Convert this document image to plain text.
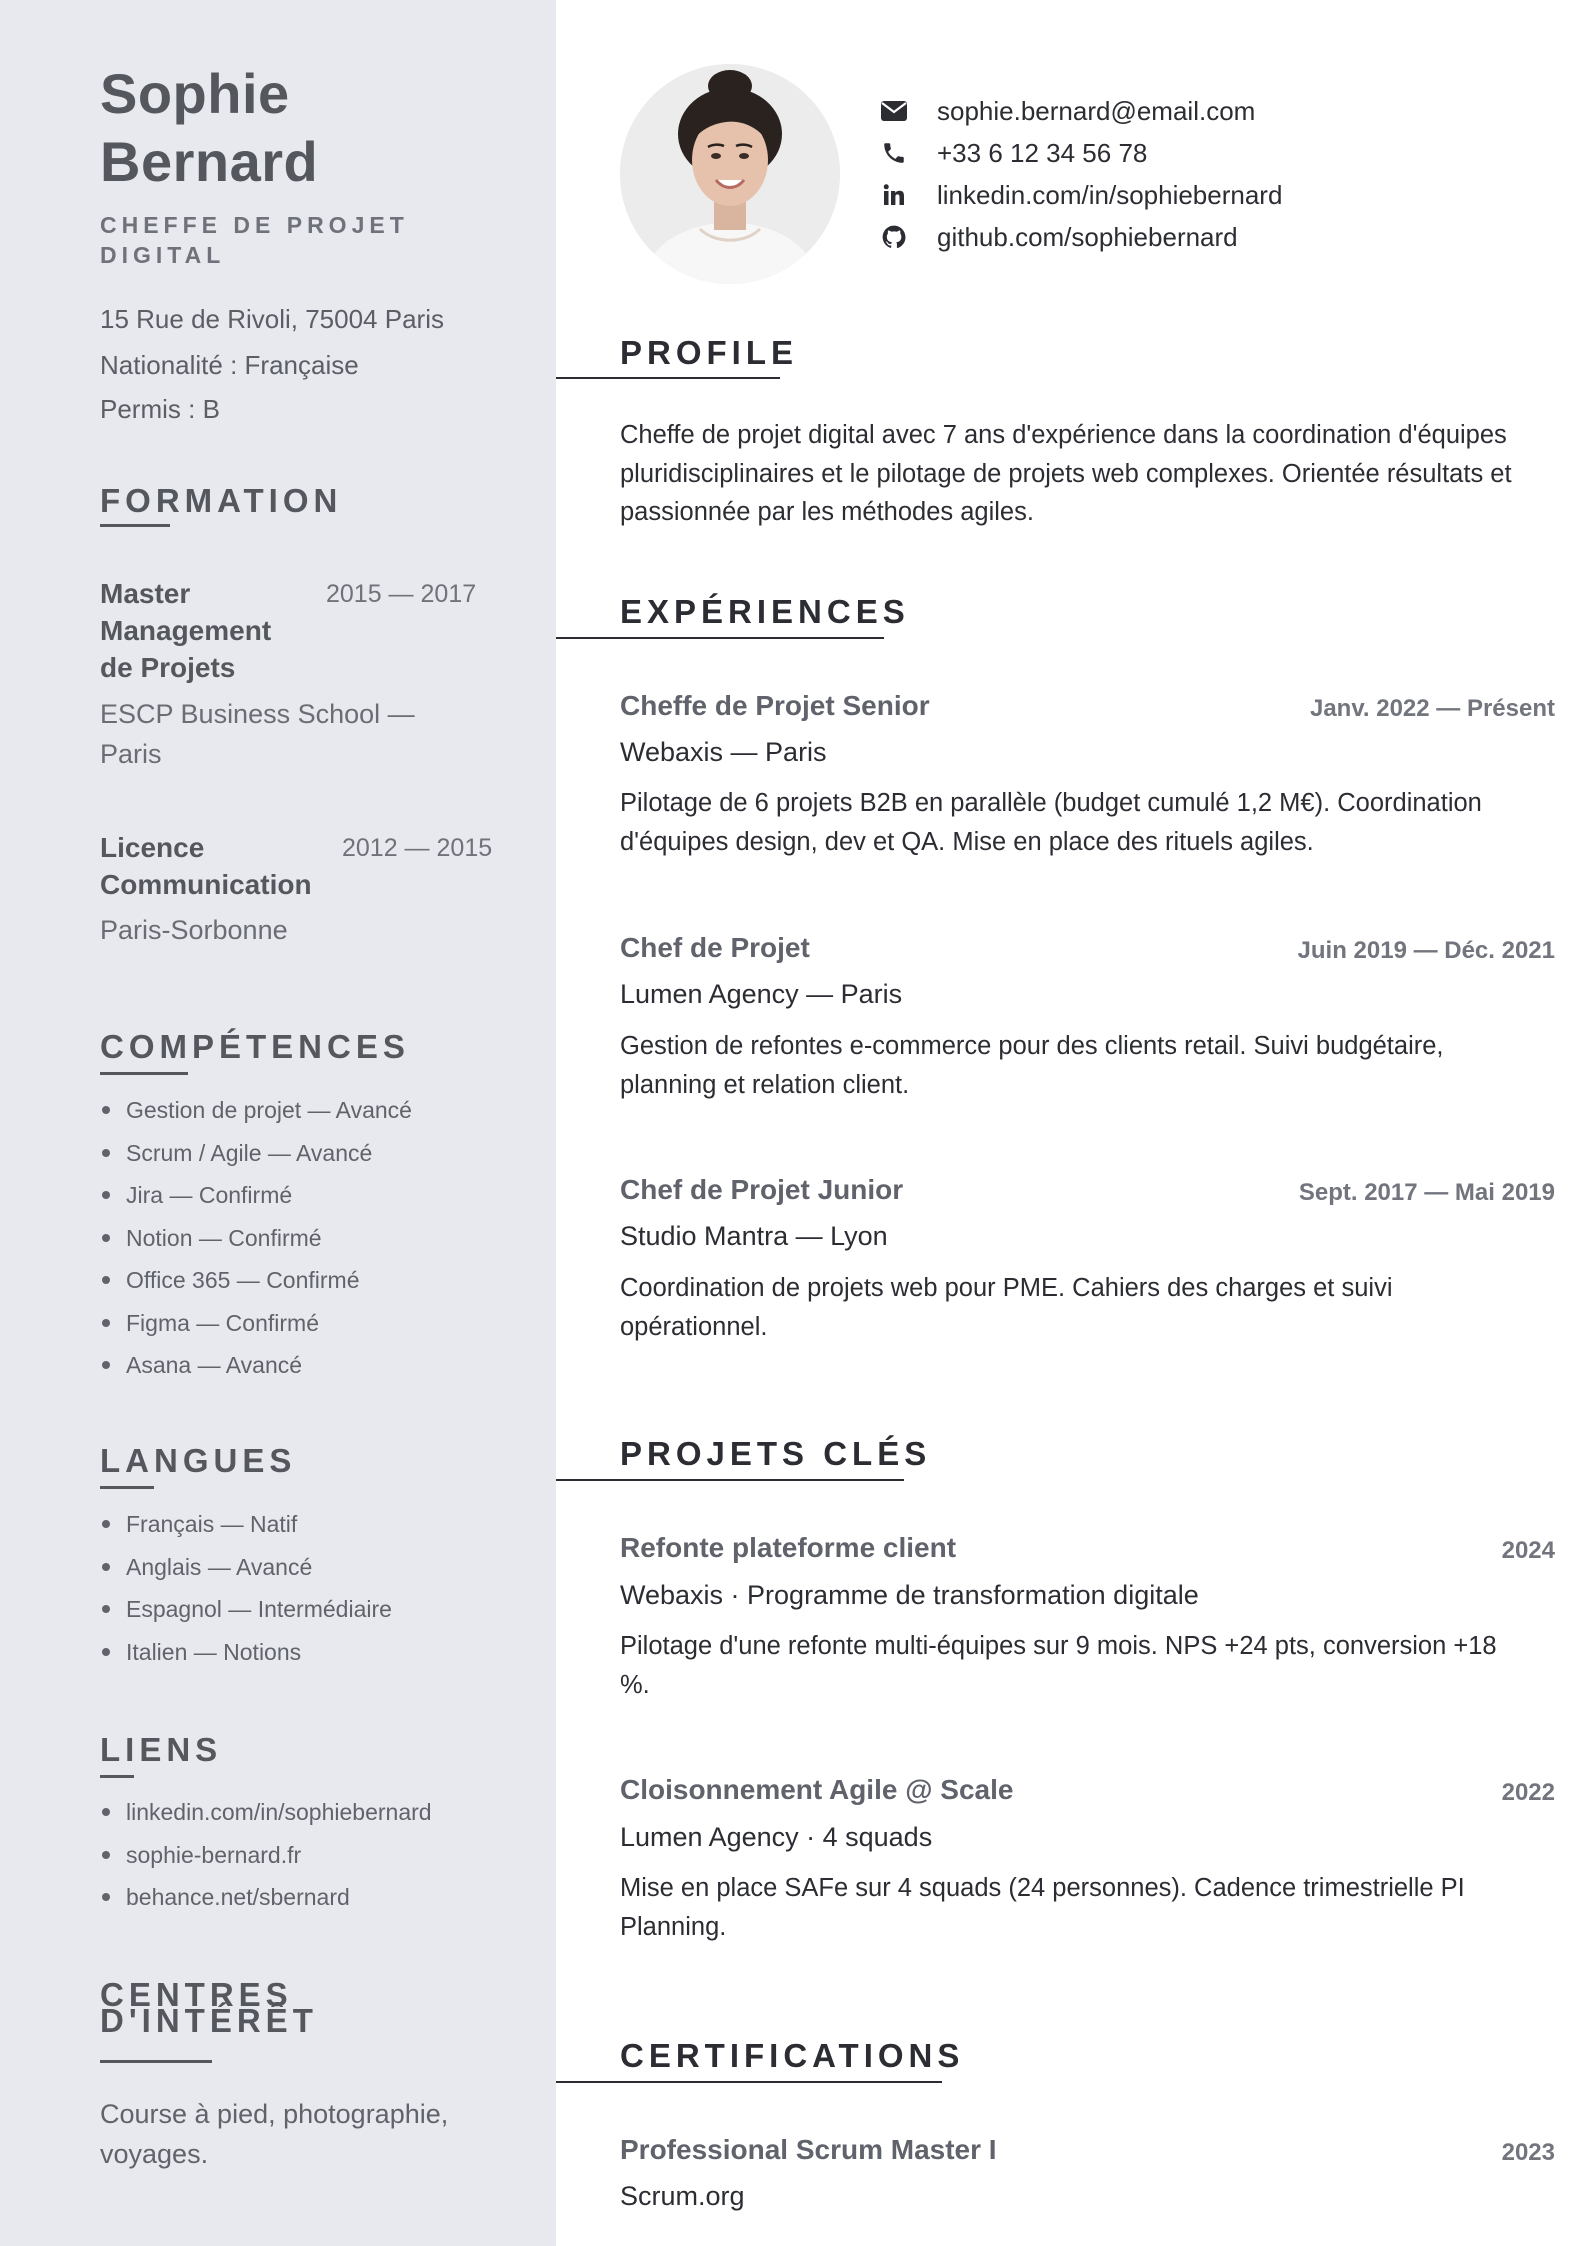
Sophie
Bernard
CHEFFE DE PROJET DIGITAL
15 Rue de Rivoli, 75004 Paris
Nationalité : Française
Permis : B
FORMATION
Master
Management
de Projets
2015 — 2017
ESCP Business School —
Paris
Licence
Communication
2012 — 2015
Paris-Sorbonne
COMPÉTENCES
Gestion de projet — Avancé
Scrum / Agile — Avancé
Jira — Confirmé
Notion — Confirmé
Office 365 — Confirmé
Figma — Confirmé
Asana — Avancé
LANGUES
Français — Natif
Anglais — Avancé
Espagnol — Intermédiaire
Italien — Notions
LIENS
linkedin.com/in/sophiebernard
sophie-bernard.fr
behance.net/sbernard
CENTRES
D'INTÉRÊT
Course à pied, photographie, voyages.
sophie.bernard@email.com
+33 6 12 34 56 78
linkedin.com/in/sophiebernard
github.com/sophiebernard
PROFILE
Cheffe de projet digital avec 7 ans d'expérience dans la coordination d'équipes pluridisciplinaires et le pilotage de projets web complexes. Orientée résultats et passionnée par les méthodes agiles.
EXPÉRIENCES
Cheffe de Projet Senior	Janv. 2022 — Présent
Webaxis — Paris
Pilotage de 6 projets B2B en parallèle (budget cumulé 1,2 M€). Coordination d'équipes design, dev et QA. Mise en place des rituels agiles.
Chef de Projet	Juin 2019 — Déc. 2021
Lumen Agency — Paris
Gestion de refontes e-commerce pour des clients retail. Suivi budgétaire, planning et relation client.
Chef de Projet Junior	Sept. 2017 — Mai 2019
Studio Mantra — Lyon
Coordination de projets web pour PME. Cahiers des charges et suivi opérationnel.
PROJETS CLÉS
Refonte plateforme client	2024
Webaxis · Programme de transformation digitale
Pilotage d'une refonte multi-équipes sur 9 mois. NPS +24 pts, conversion +18 %.
Cloisonnement Agile @ Scale	2022
Lumen Agency · 4 squads
Mise en place SAFe sur 4 squads (24 personnes). Cadence trimestrielle PI Planning.
CERTIFICATIONS
Professional Scrum Master I	2023
Scrum.org
